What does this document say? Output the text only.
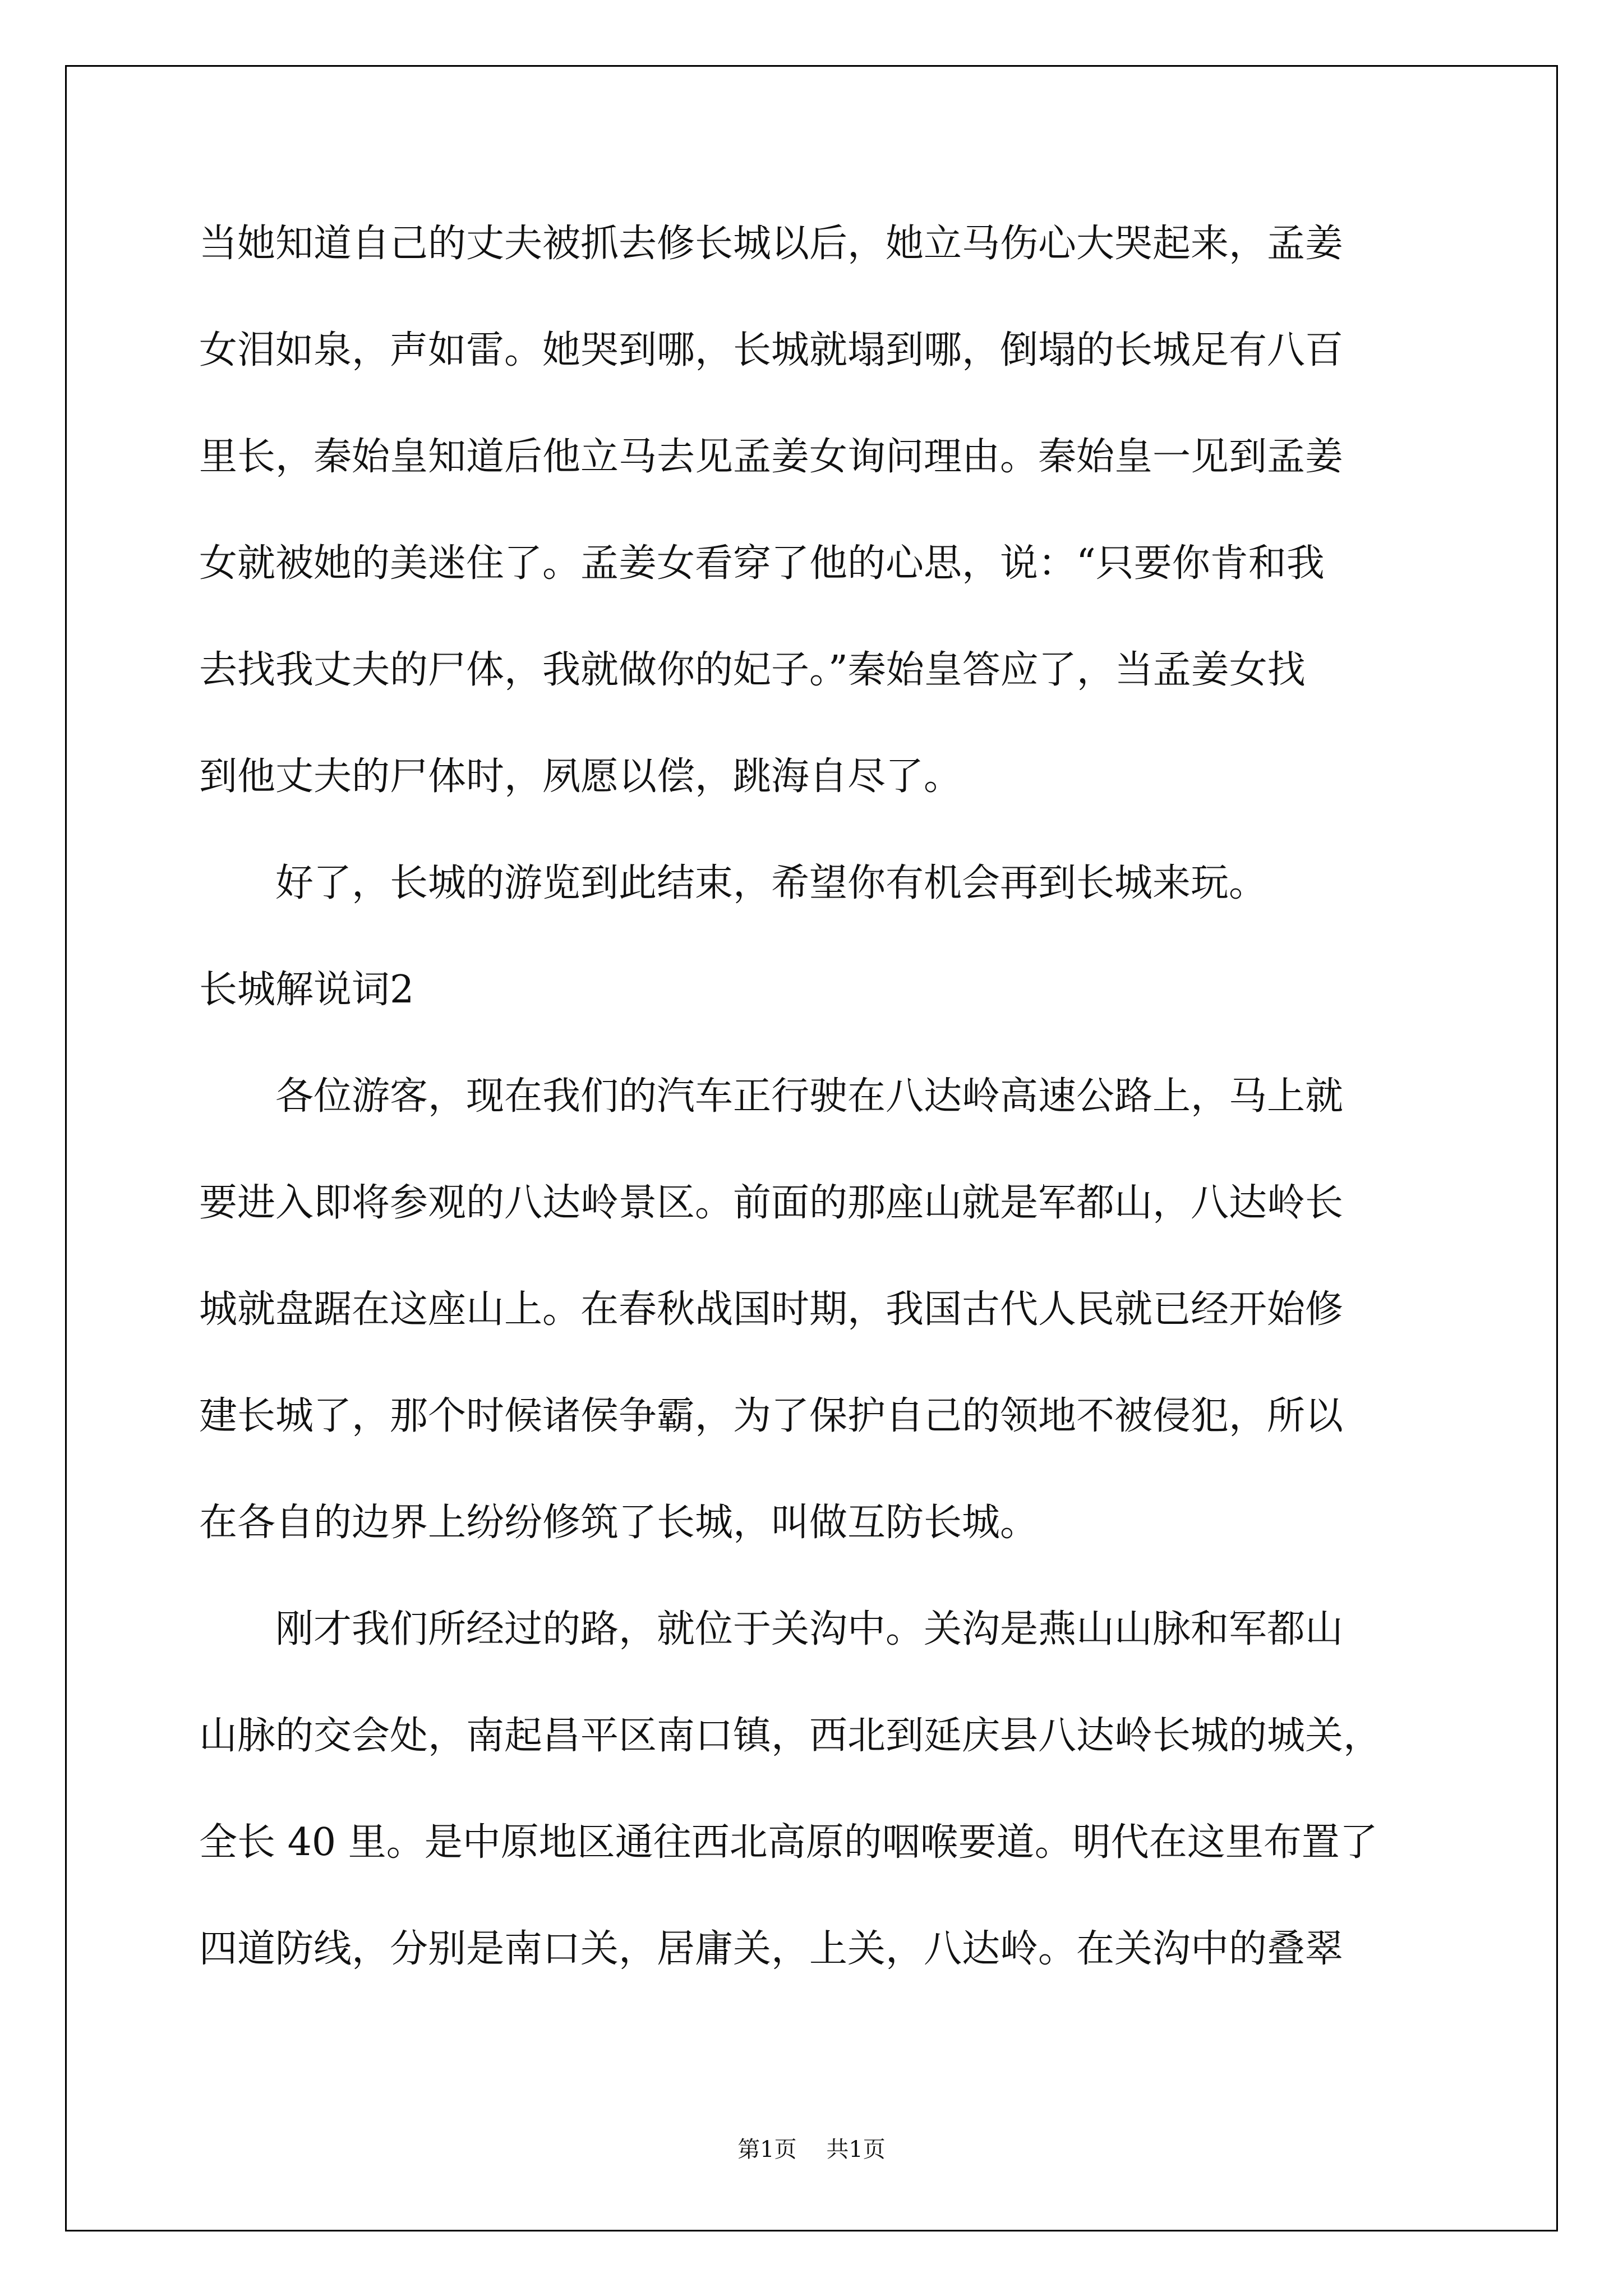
当她知道自己的丈夫被抓去修长城以后，她立马伤心大哭起来，孟姜
女泪如泉，声如雷。她哭到哪，长城就塌到哪，倒塌的长城足有八百
里长，秦始皇知道后他立马去见孟姜女询问理由。秦始皇一见到孟姜
女就被她的美迷住了。孟姜女看穿了他的心思，说：“只要你肯和我
去找我丈夫的尸体，我就做你的妃子。”秦始皇答应了，当孟姜女找
到他丈夫的尸体时，夙愿以偿，跳海自尽了。
好了，长城的游览到此结束，希望你有机会再到长城来玩。
长城解说词2
各位游客，现在我们的汽车正行驶在八达岭高速公路上，马上就
要进入即将参观的八达岭景区。前面的那座山就是军都山，八达岭长
城就盘踞在这座山上。在春秋战国时期，我国古代人民就已经开始修
建长城了，那个时候诸侯争霸，为了保护自己的领地不被侵犯，所以
在各自的边界上纷纷修筑了长城，叫做互防长城。
刚才我们所经过的路，就位于关沟中。关沟是燕山山脉和军都山
山脉的交会处，南起昌平区南口镇，西北到延庆县八达岭长城的城关，
全长 40 里。是中原地区通往西北高原的咽喉要道。明代在这里布置了
四道防线，分别是南口关，居庸关，上关，八达岭。在关沟中的叠翠
第1页 共1页
